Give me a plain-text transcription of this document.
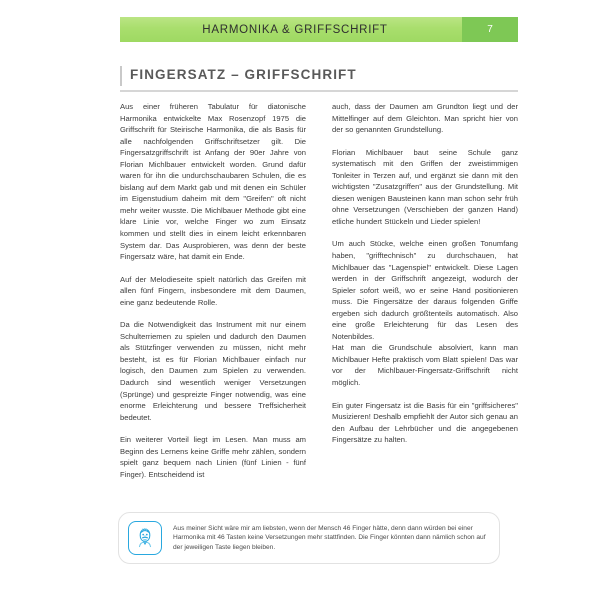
HARMONIKA & GRIFFSCHRIFT	7
FINGERSATZ – GRIFFSCHRIFT

Aus einer früheren Tabulatur für diatonische Harmonika entwickelte Max Rosenzopf 1975 die Griffschrift für Steirische Harmonika, die als Basis für alle nachfolgenden Griffschriftsetzer gilt. Die Fingersatzgriffschrift ist Anfang der 90er Jahre von Florian Michlbauer entwickelt worden. Grund dafür waren für ihn die undurchschaubaren Schulen, die es bislang auf dem Markt gab und mit denen ein Schüler im Eigenstudium daheim mit dem "Greifen" oft nicht mehr weiter wusste. Die Michlbauer Methode gibt eine klare Linie vor, welche Finger wo zum Einsatz kommen und stellt dies in einem leicht erkennbaren System dar. Das Ausprobieren, was denn der beste Fingersatz wäre, hat damit ein Ende.

Auf der Melodieseite spielt natürlich das Greifen mit allen fünf Fingern, insbesondere mit dem Daumen, eine ganz bedeutende Rolle.

Da die Notwendigkeit das Instrument mit nur einem Schulterriemen zu spielen und dadurch den Daumen als Stützfinger verwenden zu müssen, nicht mehr besteht, ist es für Florian Michlbauer einfach nur logisch, den Daumen zum Spielen zu verwenden. Dadurch sind wesentlich weniger Versetzungen (Sprünge) und gespreizte Finger notwendig, was eine enorme Erleichterung und bessere Treffsicherheit bedeutet.

Ein weiterer Vorteil liegt im Lesen. Man muss am Beginn des Lernens keine Griffe mehr zählen, sondern spielt ganz bequem nach Linien (fünf Linien - fünf Finger). Entscheidend ist

auch, dass der Daumen am Grundton liegt und der Mittelfinger auf dem Gleichton. Man spricht hier von der so genannten Grundstellung.

Florian Michlbauer baut seine Schule ganz systematisch mit den Griffen der zweistimmigen Tonleiter in Terzen auf, und ergänzt sie dann mit den wichtigsten "Zusatzgriffen" aus der Grundstellung. Mit diesen wenigen Bausteinen kann man schon sehr früh ohne Versetzungen (Verschieben der ganzen Hand) etliche hundert Stückeln und Lieder spielen!

Um auch Stücke, welche einen großen Tonumfang haben, "grifftechnisch" zu durchschauen, hat Michlbauer das "Lagenspiel" entwickelt. Diese Lagen werden in der Griffschrift angezeigt, wodurch der Spieler sofort weiß, wo er seine Hand positionieren muss. Die Fingersätze der daraus folgenden Griffe ergeben sich dadurch größtenteils automatisch. Also eine große Erleichterung für das Lesen des Notenbildes.

Hat man die Grundschule absolviert, kann man Michlbauer Hefte praktisch vom Blatt spielen! Das war vor der Michlbauer-Fingersatz-Griffschrift nicht möglich.

Ein guter Fingersatz ist die Basis für ein "griffsicheres" Musizieren! Deshalb empfiehlt der Autor sich genau an den Aufbau der Lehrbücher und die angegebenen Fingersätze zu halten.

Aus meiner Sicht wäre mir am liebsten, wenn der Mensch 46 Finger hätte, denn dann würden bei einer Harmonika mit 46 Tasten keine Versetzungen mehr stattfinden. Die Finger könnten dann nämlich schon auf der jeweiligen Taste liegen bleiben.
